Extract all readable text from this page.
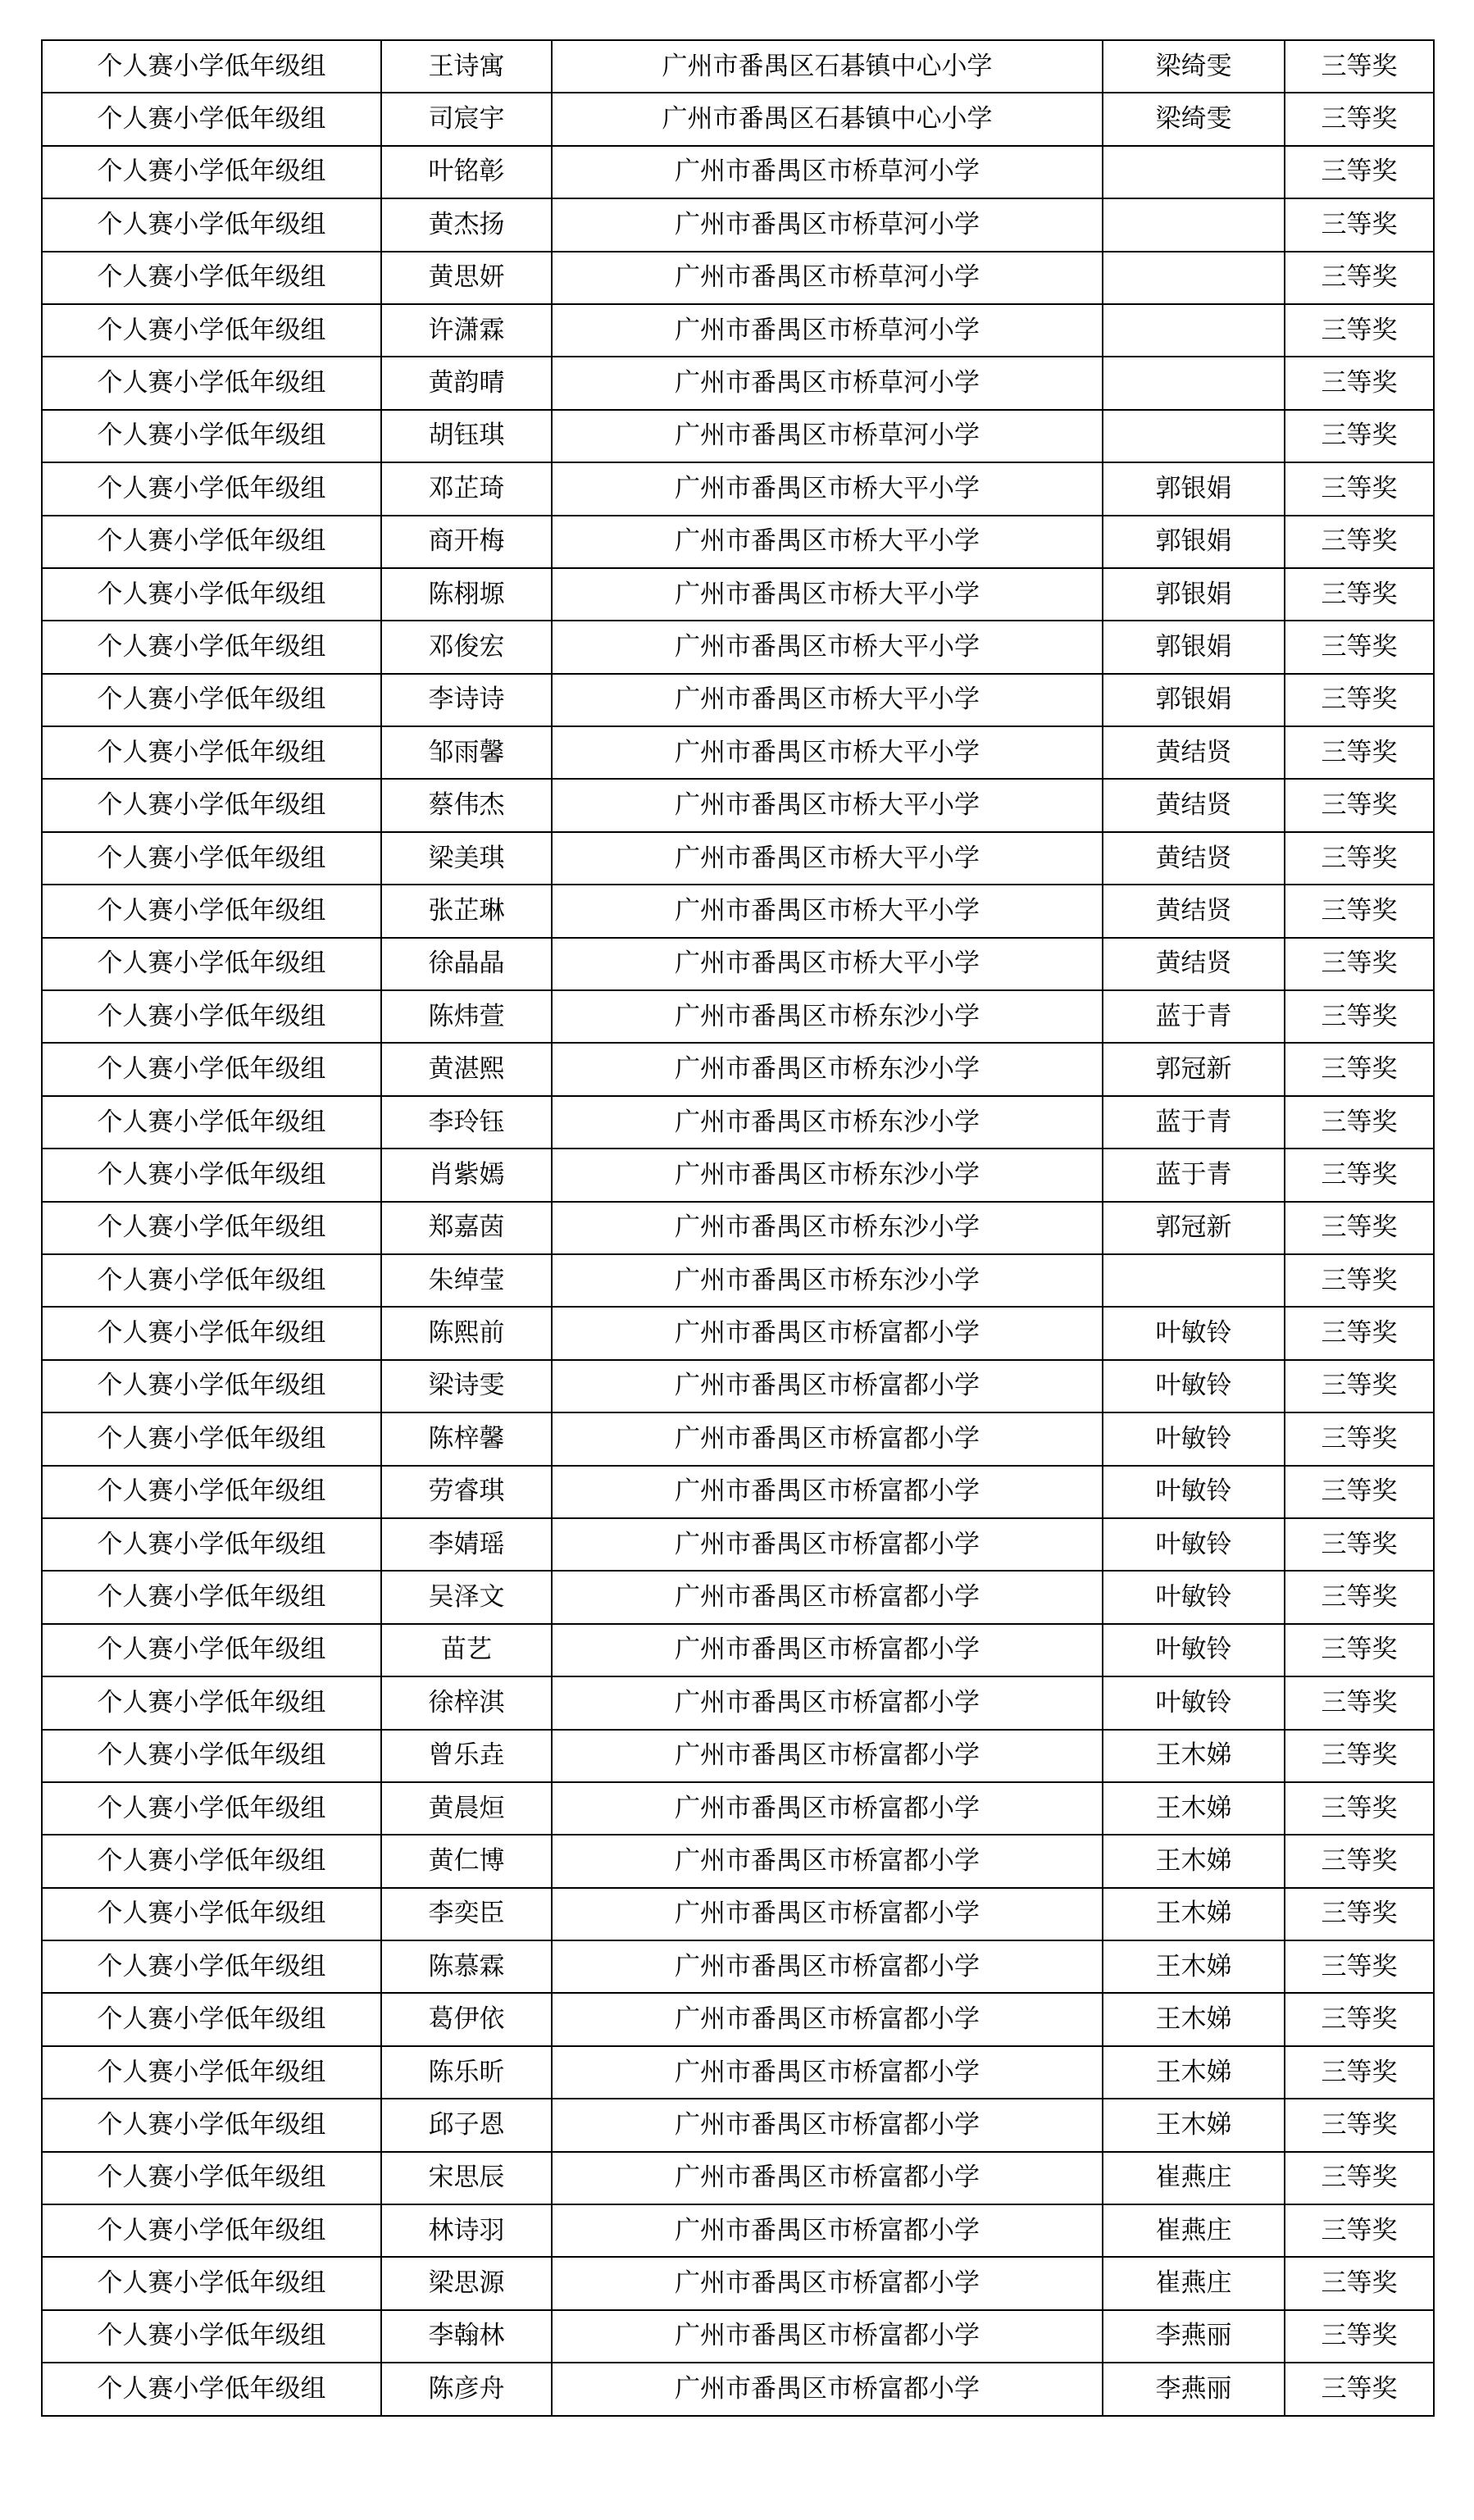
个人赛小学低年级组	王诗寓	广州市番禺区石碁镇中心小学	梁绮雯	三等奖
个人赛小学低年级组	司宸宇	广州市番禺区石碁镇中心小学	梁绮雯	三等奖
个人赛小学低年级组	叶铭彰	广州市番禺区市桥草河小学		三等奖
个人赛小学低年级组	黄杰扬	广州市番禺区市桥草河小学		三等奖
个人赛小学低年级组	黄思妍	广州市番禺区市桥草河小学		三等奖
个人赛小学低年级组	许潇霖	广州市番禺区市桥草河小学		三等奖
个人赛小学低年级组	黄韵晴	广州市番禺区市桥草河小学		三等奖
个人赛小学低年级组	胡钰琪	广州市番禺区市桥草河小学		三等奖
个人赛小学低年级组	邓芷琦	广州市番禺区市桥大平小学	郭银娟	三等奖
个人赛小学低年级组	商开梅	广州市番禺区市桥大平小学	郭银娟	三等奖
个人赛小学低年级组	陈栩塬	广州市番禺区市桥大平小学	郭银娟	三等奖
个人赛小学低年级组	邓俊宏	广州市番禺区市桥大平小学	郭银娟	三等奖
个人赛小学低年级组	李诗诗	广州市番禺区市桥大平小学	郭银娟	三等奖
个人赛小学低年级组	邹雨馨	广州市番禺区市桥大平小学	黄结贤	三等奖
个人赛小学低年级组	蔡伟杰	广州市番禺区市桥大平小学	黄结贤	三等奖
个人赛小学低年级组	梁美琪	广州市番禺区市桥大平小学	黄结贤	三等奖
个人赛小学低年级组	张芷琳	广州市番禺区市桥大平小学	黄结贤	三等奖
个人赛小学低年级组	徐晶晶	广州市番禺区市桥大平小学	黄结贤	三等奖
个人赛小学低年级组	陈炜萱	广州市番禺区市桥东沙小学	蓝于青	三等奖
个人赛小学低年级组	黄湛熙	广州市番禺区市桥东沙小学	郭冠新	三等奖
个人赛小学低年级组	李玲钰	广州市番禺区市桥东沙小学	蓝于青	三等奖
个人赛小学低年级组	肖紫嫣	广州市番禺区市桥东沙小学	蓝于青	三等奖
个人赛小学低年级组	郑嘉茵	广州市番禺区市桥东沙小学	郭冠新	三等奖
个人赛小学低年级组	朱绰莹	广州市番禺区市桥东沙小学		三等奖
个人赛小学低年级组	陈熙前	广州市番禺区市桥富都小学	叶敏铃	三等奖
个人赛小学低年级组	梁诗雯	广州市番禺区市桥富都小学	叶敏铃	三等奖
个人赛小学低年级组	陈梓馨	广州市番禺区市桥富都小学	叶敏铃	三等奖
个人赛小学低年级组	劳睿琪	广州市番禺区市桥富都小学	叶敏铃	三等奖
个人赛小学低年级组	李婧瑶	广州市番禺区市桥富都小学	叶敏铃	三等奖
个人赛小学低年级组	吴泽文	广州市番禺区市桥富都小学	叶敏铃	三等奖
个人赛小学低年级组	苗艺	广州市番禺区市桥富都小学	叶敏铃	三等奖
个人赛小学低年级组	徐梓淇	广州市番禺区市桥富都小学	叶敏铃	三等奖
个人赛小学低年级组	曾乐垚	广州市番禺区市桥富都小学	王木娣	三等奖
个人赛小学低年级组	黄晨烜	广州市番禺区市桥富都小学	王木娣	三等奖
个人赛小学低年级组	黄仁博	广州市番禺区市桥富都小学	王木娣	三等奖
个人赛小学低年级组	李奕臣	广州市番禺区市桥富都小学	王木娣	三等奖
个人赛小学低年级组	陈慕霖	广州市番禺区市桥富都小学	王木娣	三等奖
个人赛小学低年级组	葛伊依	广州市番禺区市桥富都小学	王木娣	三等奖
个人赛小学低年级组	陈乐昕	广州市番禺区市桥富都小学	王木娣	三等奖
个人赛小学低年级组	邱子恩	广州市番禺区市桥富都小学	王木娣	三等奖
个人赛小学低年级组	宋思辰	广州市番禺区市桥富都小学	崔燕庄	三等奖
个人赛小学低年级组	林诗羽	广州市番禺区市桥富都小学	崔燕庄	三等奖
个人赛小学低年级组	梁思源	广州市番禺区市桥富都小学	崔燕庄	三等奖
个人赛小学低年级组	李翰林	广州市番禺区市桥富都小学	李燕丽	三等奖
个人赛小学低年级组	陈彦舟	广州市番禺区市桥富都小学	李燕丽	三等奖
